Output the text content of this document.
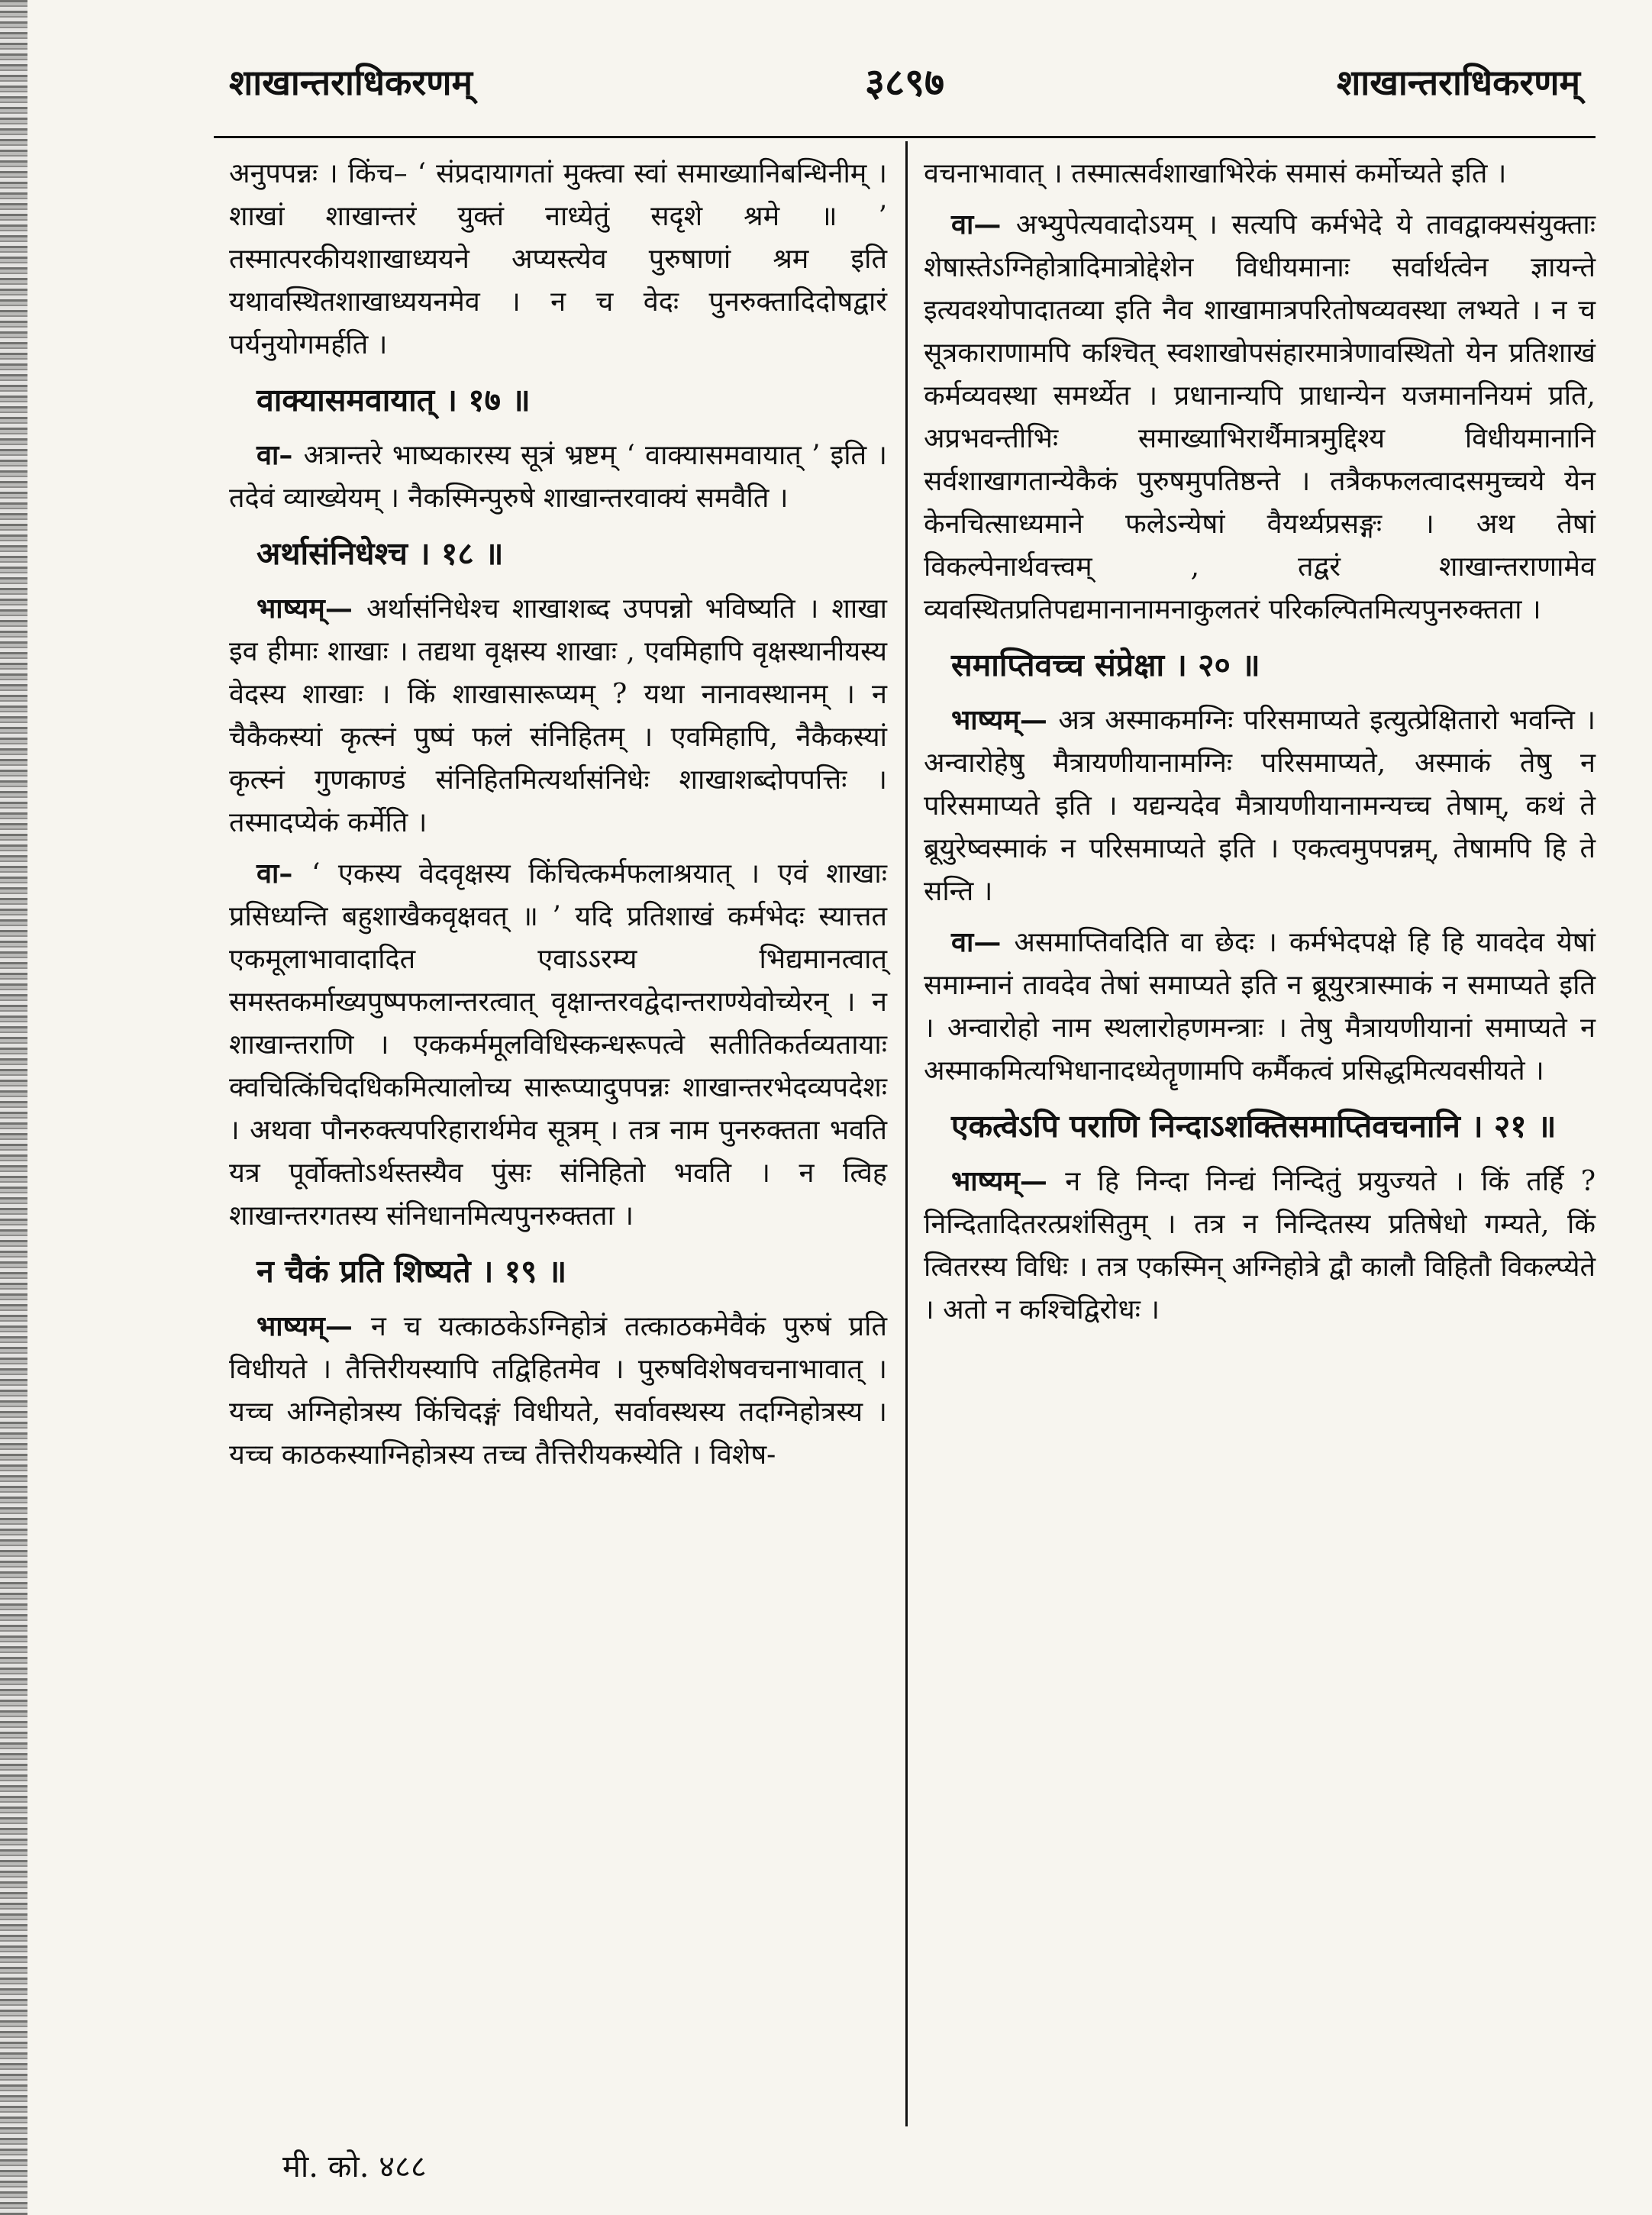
शाखान्तराधिकरणम्	३८९७	शाखान्तराधिकरणम्
अनुपपन्नः । किंच– ‘ संप्रदायागतां मुक्त्वा स्वां समाख्यानिबन्धिनीम् । शाखां शाखान्तरं युक्तं नाध्येतुं सदृशे श्रमे ॥ ’ तस्मात्परकीयशाखाध्ययने अप्यस्त्येव पुरुषाणां श्रम इति यथावस्थितशाखाध्ययनमेव । न च वेदः पुनरुक्तादिदोषद्वारं पर्यनुयोगमर्हति ।
वाक्यासमवायात् । १७ ॥
वा– अत्रान्तरे भाष्यकारस्य सूत्रं भ्रष्टम् ‘ वाक्यासमवायात् ’ इति । तदेवं व्याख्येयम् । नैकस्मिन्पुरुषे शाखान्तरवाक्यं समवैति ।
अर्थासंनिधेश्च । १८ ॥
भाष्यम्— अर्थासंनिधेश्च शाखाशब्द उपपन्नो भविष्यति । शाखा इव हीमाः शाखाः । तद्यथा वृक्षस्य शाखाः , एवमिहापि वृक्षस्थानीयस्य वेदस्य शाखाः । किं शाखासारूप्यम् ? यथा नानावस्थानम् । न चैकैकस्यां कृत्स्नं पुष्पं फलं संनिहितम् । एवमिहापि, नैकैकस्यां कृत्स्नं गुणकाण्डं संनिहितमित्यर्थासंनिधेः शाखाशब्दोपपत्तिः । तस्मादप्येकं कर्मेति ।
वा– ‘ एकस्य वेदवृक्षस्य किंचित्कर्मफलाश्रयात् । एवं शाखाः प्रसिध्यन्ति बहुशाखैकवृक्षवत् ॥ ’ यदि प्रतिशाखं कर्मभेदः स्यात्तत एकमूलाभावादादित एवाऽऽरम्य भिद्यमानत्वात् समस्तकर्माख्यपुष्पफलान्तरत्वात् वृक्षान्तरवद्वेदान्तराण्येवोच्येरन् । न शाखान्तराणि । एककर्ममूलविधिस्कन्धरूपत्वे सतीतिकर्तव्यतायाः क्वचित्किंचिदधिकमित्यालोच्य सारूप्यादुपपन्नः शाखान्तरभेदव्यपदेशः । अथवा पौनरुक्त्यपरिहारार्थमेव सूत्रम् । तत्र नाम पुनरुक्तता भवति यत्र पूर्वोक्तोऽर्थस्तस्यैव पुंसः संनिहितो भवति । न त्विह शाखान्तरगतस्य संनिधानमित्यपुनरुक्तता ।
न चैकं प्रति शिष्यते । १९ ॥
भाष्यम्— न च यत्काठकेऽग्निहोत्रं तत्काठकमेवैकं पुरुषं प्रति विधीयते । तैत्तिरीयस्यापि तद्विहितमेव । पुरुषविशेषवचनाभावात् । यच्च अग्निहोत्रस्य किंचिदङ्गं विधीयते, सर्वावस्थस्य तदग्निहोत्रस्य । यच्च काठकस्याग्निहोत्रस्य तच्च तैत्तिरीयकस्येति । विशेष-
वचनाभावात् । तस्मात्सर्वशाखाभिरेकं समासं कर्मोच्यते इति ।
वा— अभ्युपेत्यवादोऽयम् । सत्यपि कर्मभेदे ये तावद्वाक्यसंयुक्ताः शेषास्तेऽग्निहोत्रादिमात्रोद्देशेन विधीयमानाः सर्वार्थत्वेन ज्ञायन्ते इत्यवश्योपादातव्या इति नैव शाखामात्रपरितोषव्यवस्था लभ्यते । न च सूत्रकाराणामपि कश्चित् स्वशाखोपसंहारमात्रेणावस्थितो येन प्रतिशाखं कर्मव्यवस्था समर्थ्येत । प्रधानान्यपि प्राधान्येन यजमाननियमं प्रति, अप्रभवन्तीभिः समाख्याभिरार्थैमात्रमुद्दिश्य विधीयमानानि सर्वशाखागतान्येकैकं पुरुषमुपतिष्ठन्ते । तत्रैकफलत्वादसमुच्चये येन केनचित्साध्यमाने फलेऽन्येषां वैयर्थ्यप्रसङ्गः । अथ तेषां विकल्पेनार्थवत्त्वम् , तद्वरं शाखान्तराणामेव व्यवस्थितप्रतिपद्यमानानामनाकुलतरं परिकल्पितमित्यपुनरुक्तता ।
समाप्तिवच्च संप्रेक्षा । २० ॥
भाष्यम्— अत्र अस्माकमग्निः परिसमाप्यते इत्युत्प्रेक्षितारो भवन्ति । अन्वारोहेषु मैत्रायणीयानामग्निः परिसमाप्यते, अस्माकं तेषु न परिसमाप्यते इति । यद्यन्यदेव मैत्रायणीयानामन्यच्च तेषाम्, कथं ते ब्रूयुरेष्वस्माकं न परिसमाप्यते इति । एकत्वमुपपन्नम्, तेषामपि हि ते सन्ति ।
वा— असमाप्तिवदिति वा छेदः । कर्मभेदपक्षे हि हि यावदेव येषां समाम्नानं तावदेव तेषां समाप्यते इति न ब्रूयुरत्रास्माकं न समाप्यते इति । अन्वारोहो नाम स्थलारोहणमन्त्राः । तेषु मैत्रायणीयानां समाप्यते न अस्माकमित्यभिधानादध्येतॄणामपि कर्मैकत्वं प्रसिद्धमित्यवसीयते ।
एकत्वेऽपि पराणि निन्दाऽशक्तिसमाप्तिवचनानि । २१ ॥
भाष्यम्— न हि निन्दा निन्द्यं निन्दितुं प्रयुज्यते । किं तर्हि ? निन्दितादितरत्प्रशंसितुम् । तत्र न निन्दितस्य प्रतिषेधो गम्यते, किं त्वितरस्य विधिः । तत्र एकस्मिन् अग्निहोत्रे द्वौ कालौ विहितौ विकल्प्येते । अतो न कश्चिद्विरोधः ।
मी. को. ४८८
